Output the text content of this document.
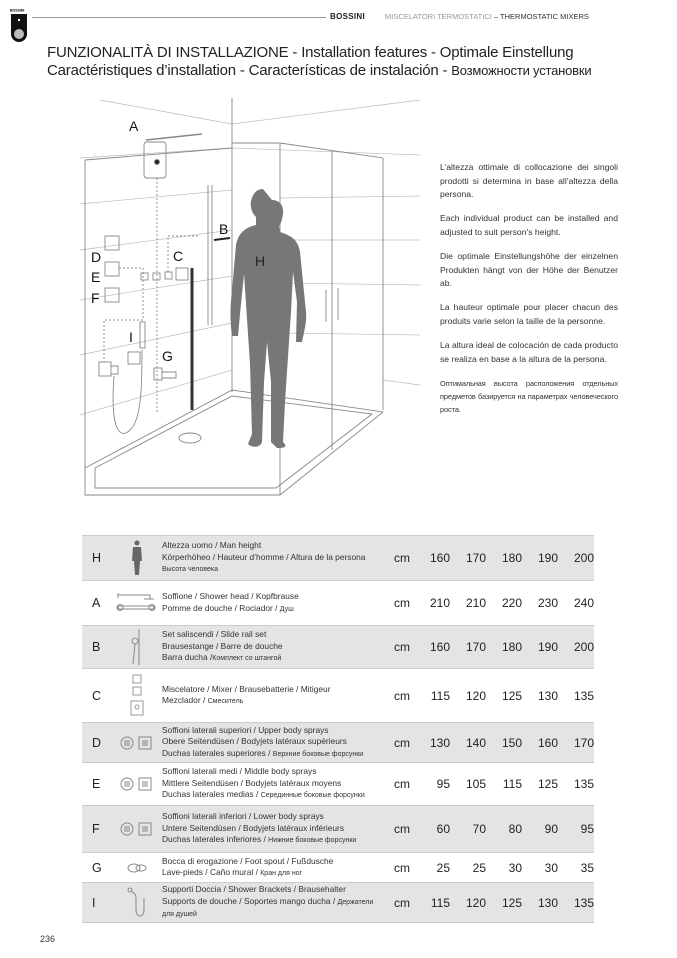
BOSSINI
BOSSINI	MISCELATORI TERMOSTATICI – THERMOSTATIC MIXERS
FUNZIONALITÀ DI INSTALLAZIONE - Installation features - Optimale Einstellung
Caractéristiques d’installation - Características de instalación - Возможности установки
A
B
C
D
E
F
G
H
I

L’altezza ottimale di collocazione dei singoli prodotti si determina in base all’altezza della persona.

Each individual product can be installed and adjusted to suit person’s height.

Die optimale Einstellungshöhe der einzelnen Produkten hängt von der Höhe der Benutzer ab.

La hauteur optimale pour placer chacun des produits varie selon la taille de la personne.

La altura ideal de colocación de cada producto se realiza en base a la altura de la persona.

Оптимальная высота расположения отдельных предметов базируется на параметрах человеческого роста.

H
Altezza uomo / Man height
Körperhöheo / Hauteur d’homme / Altura de la persona
Высота человека
cm	160	170	180	190	200
A	Soffione / Shower head / Kopfbrause
Pomme de douche / Rociador / Душ	cm	210	210	220	230	240
B
Set saliscendi / Slide rail set
Brausestange / Barre de douche
Barra ducha /Комплект со штангой
cm	160	170	180	190	200
C	Miscelatore / Mixer / Brausebatterie / Mitigeur
Mezclador / Смеситель	cm	115	120	125	130	135
D
Soffioni laterali superiori / Upper body sprays
Obere Seitendüsen / Bodyjets latéraux supérieurs
Duchas laterales superiores / Верхние боковые форсунки
cm	130	140	150	160	170
E
Soffioni laterali medi / Middle body sprays
Mittlere Seitendüsen / Bodyjets latéraux moyens
Duchas laterales medias / Серединные боковые форсунки
cm	95	105	115	125	135
F
Soffioni laterali inferiori / Lower body sprays
Untere Seitendüsen / Bodyjets latéraux inférieurs
Duchas laterales inferiores / Нижние боковые форсунки
cm	60	70	80	90	95
G	Bocca di erogazione / Foot spout / Fußdusche
Lave-pieds / Caño mural / Кран для ног	cm	25	25	30	30	35
I
Supporti Doccia / Shower Brackets / Brausehalter
Supports de douche / Soportes mango ducha / Держатели для душей
cm	115	120	125	130	135
236
